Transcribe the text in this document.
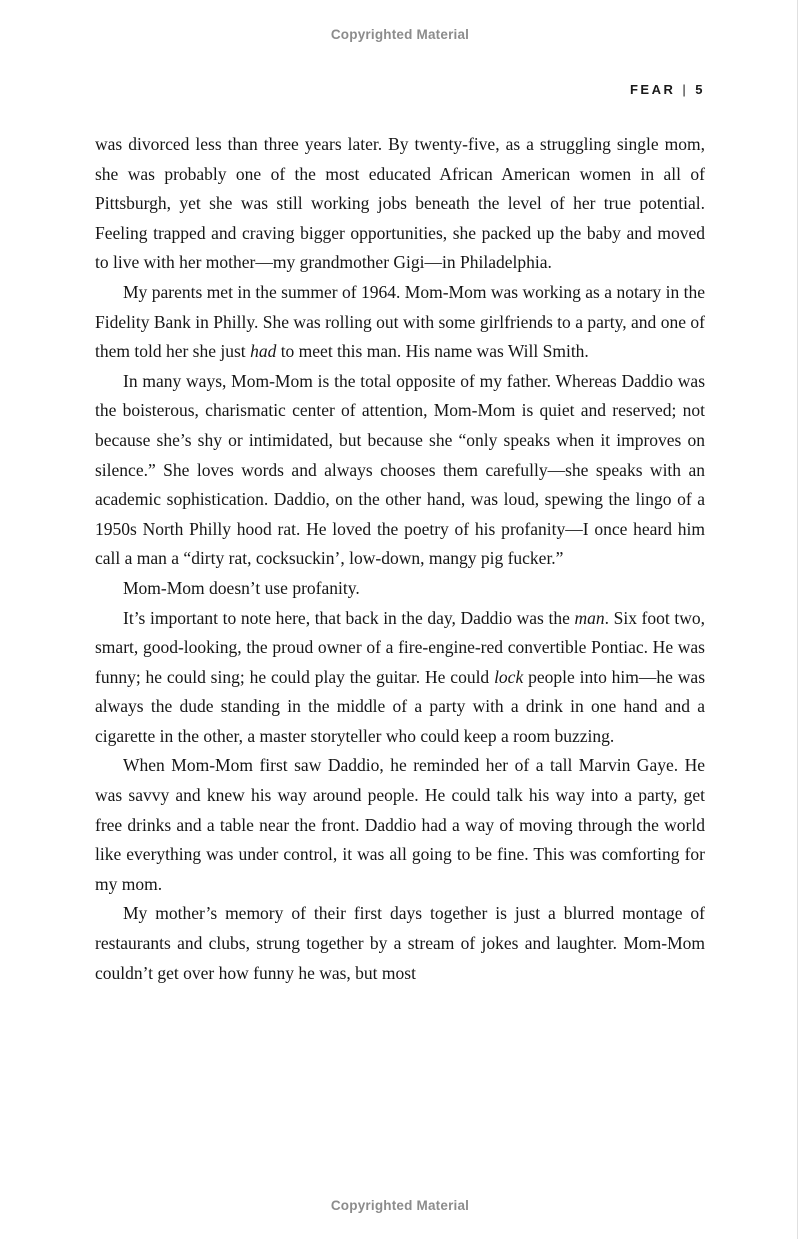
Copyrighted Material
FEAR | 5

was divorced less than three years later. By twenty-five, as a struggling single mom, she was probably one of the most educated African American women in all of Pittsburgh, yet she was still working jobs beneath the level of her true potential. Feeling trapped and craving bigger opportunities, she packed up the baby and moved to live with her mother—my grandmother Gigi—in Philadelphia.

My parents met in the summer of 1964. Mom-Mom was working as a notary in the Fidelity Bank in Philly. She was rolling out with some girlfriends to a party, and one of them told her she just had to meet this man. His name was Will Smith.

In many ways, Mom-Mom is the total opposite of my father. Whereas Daddio was the boisterous, charismatic center of attention, Mom-Mom is quiet and reserved; not because she’s shy or intimidated, but because she “only speaks when it improves on silence.” She loves words and always chooses them carefully—she speaks with an academic sophistication. Daddio, on the other hand, was loud, spewing the lingo of a 1950s North Philly hood rat. He loved the poetry of his profanity—I once heard him call a man a “dirty rat, cocksuckin’, low-down, mangy pig fucker.”

Mom-Mom doesn’t use profanity.

It’s important to note here, that back in the day, Daddio was the man. Six foot two, smart, good-looking, the proud owner of a fire-engine-red convertible Pontiac. He was funny; he could sing; he could play the guitar. He could lock people into him—he was always the dude standing in the middle of a party with a drink in one hand and a cigarette in the other, a master storyteller who could keep a room buzzing.

When Mom-Mom first saw Daddio, he reminded her of a tall Marvin Gaye. He was savvy and knew his way around people. He could talk his way into a party, get free drinks and a table near the front. Daddio had a way of moving through the world like everything was under control, it was all going to be fine. This was comforting for my mom.

My mother’s memory of their first days together is just a blurred montage of restaurants and clubs, strung together by a stream of jokes and laughter. Mom-Mom couldn’t get over how funny he was, but most

Copyrighted Material
